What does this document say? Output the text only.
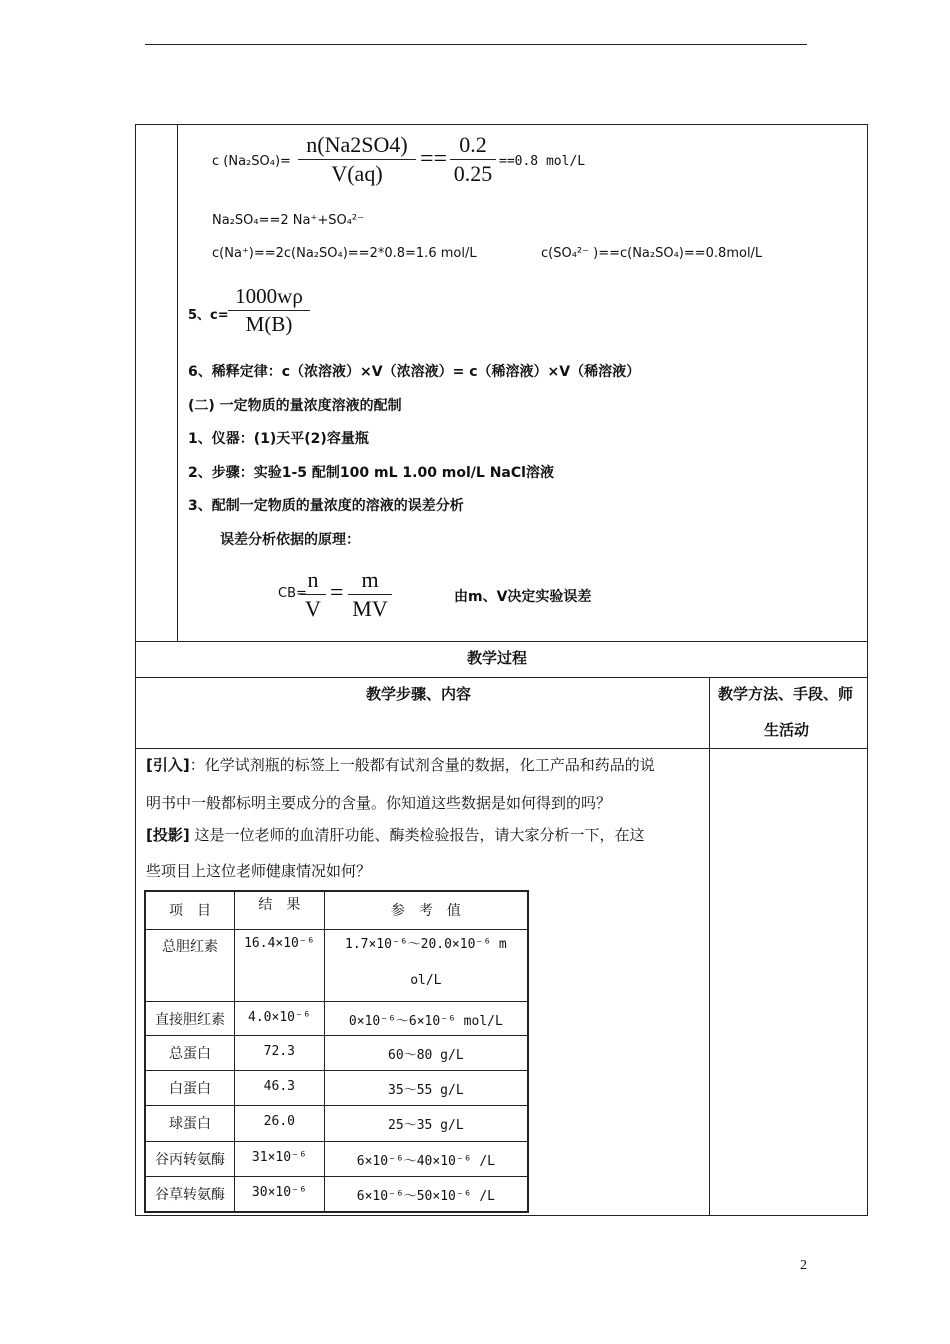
c (Na₂SO₄)=
n(Na2SO4)
V(aq)
==
0.2
0.25 ==0.8 mol/L
Na₂SO₄==2 Na⁺+SO₄²⁻
c(Na⁺)==2c(Na₂SO₄)==2*0.8=1.6 mol/L	c(SO₄²⁻ )==c(Na₂SO₄)==0.8mol/L
5、c=
1000wρ
M(B)
6、稀释定律：c（浓溶液）×V（浓溶液）= c（稀溶液）×V（稀溶液）
(二) 一定物质的量浓度溶液的配制
1、仪器：(1)天平(2)容量瓶
2、步骤：实验1-5 配制100 mL 1.00 mol/L NaCl溶液
3、配制一定物质的量浓度的溶液的误差分析
误差分析依据的原理：
CB=
n
V
=
m
MV	由m、V决定实验误差
教学过程
教学步骤、内容	教学方法、手段、师
生活动
[引入]：化学试剂瓶的标签上一般都有试剂含量的数据，化工产品和药品的说
明书中一般都标明主要成分的含量。你知道这些数据是如何得到的吗？
[投影] 这是一位老师的血清肝功能、酶类检验报告，请大家分析一下，在这
些项目上这位老师健康情况如何？
项　目	结　果	参　考　值
总胆红素	16.4×10⁻⁶	1.7×10⁻⁶～20.0×10⁻⁶ m
ol/L

直接胆红素	4.0×10⁻⁶	0×10⁻⁶～6×10⁻⁶ mol/L
总蛋白	72.3	60～80 g/L
白蛋白	46.3	35～55 g/L
球蛋白	26.0	25～35 g/L
谷丙转氨酶	31×10⁻⁶	6×10⁻⁶～40×10⁻⁶ /L
谷草转氨酶	30×10⁻⁶	6×10⁻⁶～50×10⁻⁶ /L
2
